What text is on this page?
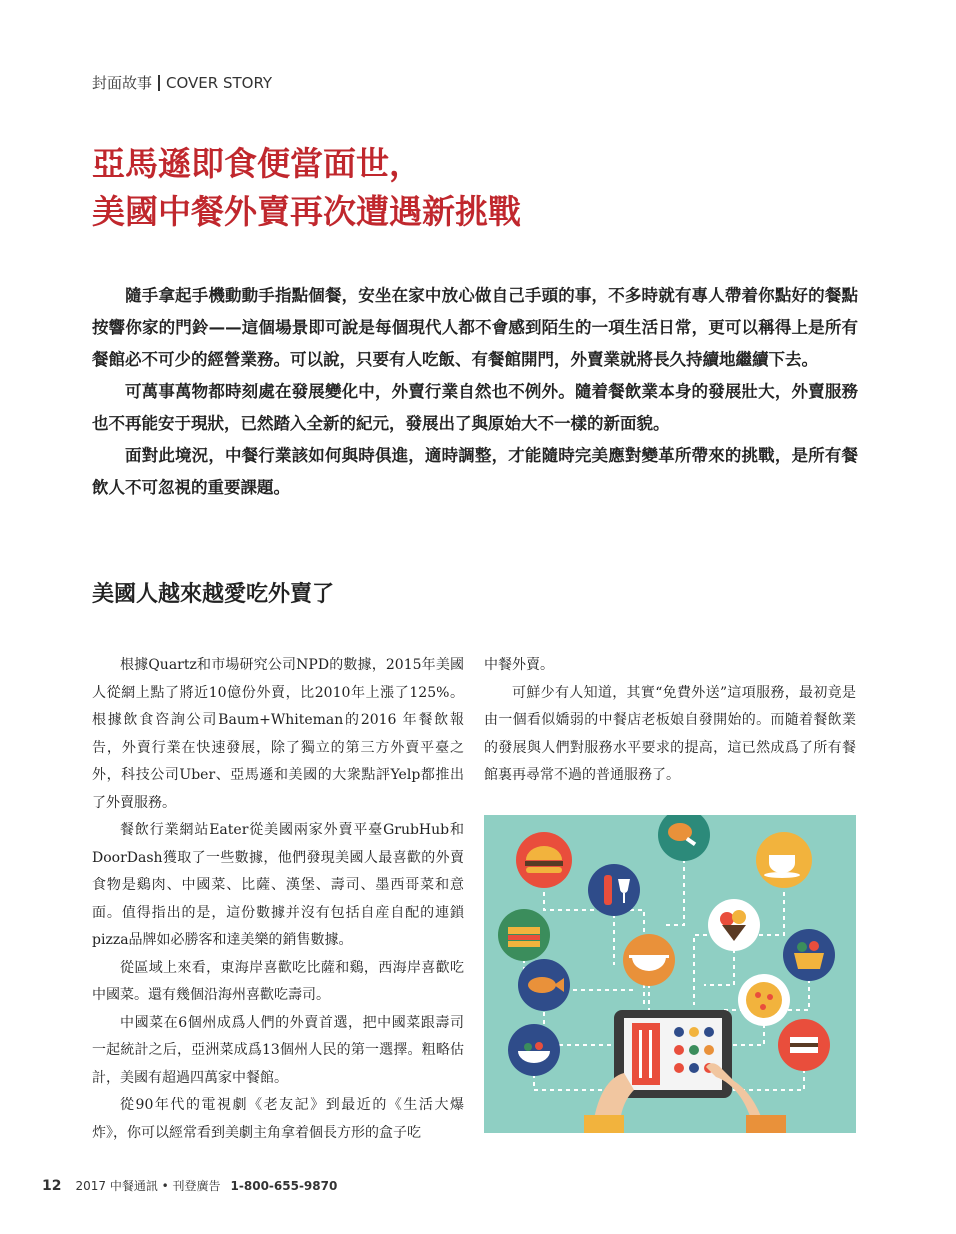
封面故事 COVER STORY
亞馬遜即食便當面世，
美國中餐外賣再次遭遇新挑戰

隨手拿起手機動動手指點個餐，安坐在家中放心做自己手頭的事，不多時就有專人帶着你點好的餐點按響你家的門鈴——這個場景即可說是每個現代人都不會感到陌生的一項生活日常，更可以稱得上是所有餐館必不可少的經營業務。可以說，只要有人吃飯、有餐館開門，外賣業就將長久持續地繼續下去。

可萬事萬物都時刻處在發展變化中，外賣行業自然也不例外。隨着餐飲業本身的發展壯大，外賣服務也不再能安于現狀，已然踏入全新的紀元，發展出了與原始大不一樣的新面貌。

面對此境況，中餐行業該如何與時俱進，適時調整，才能隨時完美應對變革所帶來的挑戰，是所有餐飲人不可忽視的重要課題。

美國人越來越愛吃外賣了

根據Quartz和市場研究公司NPD的數據，2015年美國人從網上點了將近10億份外賣，比2010年上漲了125%。根據飲食咨詢公司Baum+Whiteman的2016 年餐飲報告，外賣行業在快速發展，除了獨立的第三方外賣平臺之外，科技公司Uber、亞馬遜和美國的大衆點評Yelp都推出了外賣服務。

餐飲行業網站Eater從美國兩家外賣平臺GrubHub和DoorDash獲取了一些數據，他們發現美國人最喜歡的外賣食物是鷄肉、中國菜、比薩、漢堡、壽司、墨西哥菜和意面。值得指出的是，這份數據并沒有包括自産自配的連鎖pizza品牌如必勝客和達美樂的銷售數據。

從區域上來看，東海岸喜歡吃比薩和鷄，西海岸喜歡吃中國菜。還有幾個沿海州喜歡吃壽司。

中國菜在6個州成爲人們的外賣首選，把中國菜跟壽司一起統計之后，亞洲菜成爲13個州人民的第一選擇。粗略估計，美國有超過四萬家中餐館。

從90年代的電視劇《老友記》到最近的《生活大爆炸》，你可以經常看到美劇主角拿着個長方形的盒子吃

中餐外賣。

可鮮少有人知道，其實“免費外送”這項服務，最初竟是由一個看似嬌弱的中餐店老板娘自發開始的。而隨着餐飲業的發展與人們對服務水平要求的提高，這已然成爲了所有餐館裏再尋常不過的普通服務了。

12 2017 中餐通訊 • 刊登廣告 1-800-655-9870
